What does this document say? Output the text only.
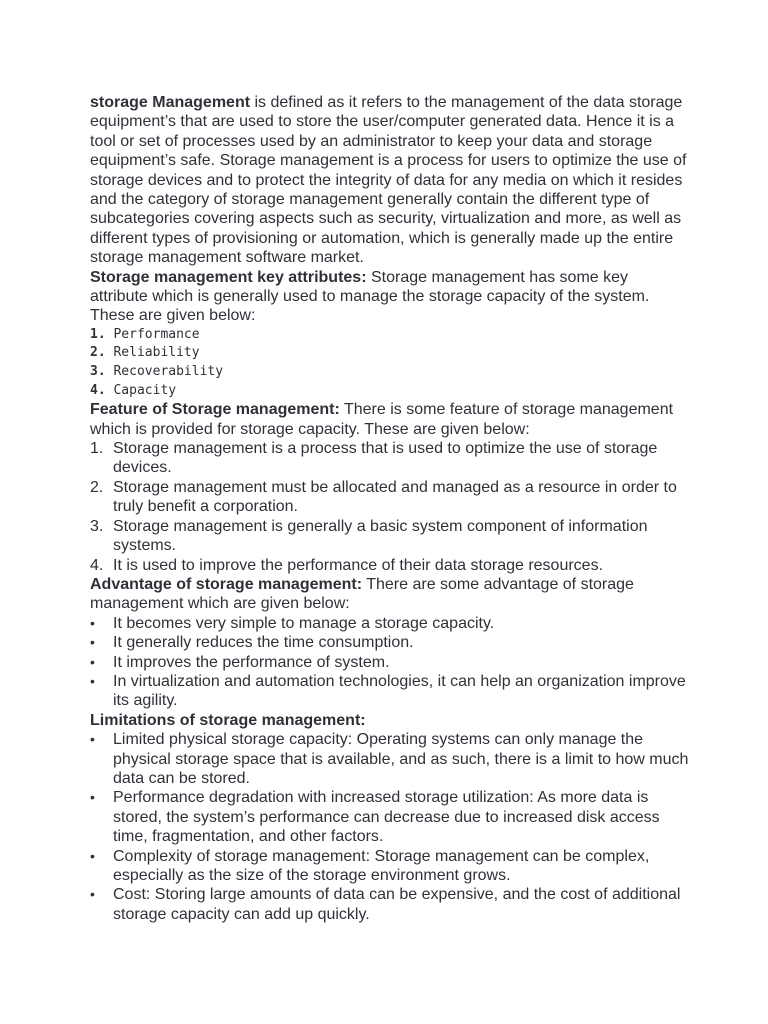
storage Management is defined as it refers to the management of the data storage equipment’s that are used to store the user/computer generated data. Hence it is a tool or set of processes used by an administrator to keep your data and storage equipment’s safe. Storage management is a process for users to optimize the use of storage devices and to protect the integrity of data for any media on which it resides and the category of storage management generally contain the different type of subcategories covering aspects such as security, virtualization and more, as well as different types of provisioning or automation, which is generally made up the entire storage management software market.

Storage management key attributes: Storage management has some key attribute which is generally used to manage the storage capacity of the system. These are given below:

1. Performance
2. Reliability
3. Recoverability
4. Capacity

Feature of Storage management: There is some feature of storage management which is provided for storage capacity. These are given below:

1. Storage management is a process that is used to optimize the use of storage devices.
2. Storage management must be allocated and managed as a resource in order to truly benefit a corporation.
3. Storage management is generally a basic system component of information systems.
4. It is used to improve the performance of their data storage resources.

Advantage of storage management: There are some advantage of storage management which are given below:

• It becomes very simple to manage a storage capacity.
• It generally reduces the time consumption.
• It improves the performance of system.
• In virtualization and automation technologies, it can help an organization improve its agility.

Limitations of storage management:

• Limited physical storage capacity: Operating systems can only manage the physical storage space that is available, and as such, there is a limit to how much data can be stored.
• Performance degradation with increased storage utilization: As more data is stored, the system’s performance can decrease due to increased disk access time, fragmentation, and other factors.
• Complexity of storage management: Storage management can be complex, especially as the size of the storage environment grows.
• Cost: Storing large amounts of data can be expensive, and the cost of additional storage capacity can add up quickly.
